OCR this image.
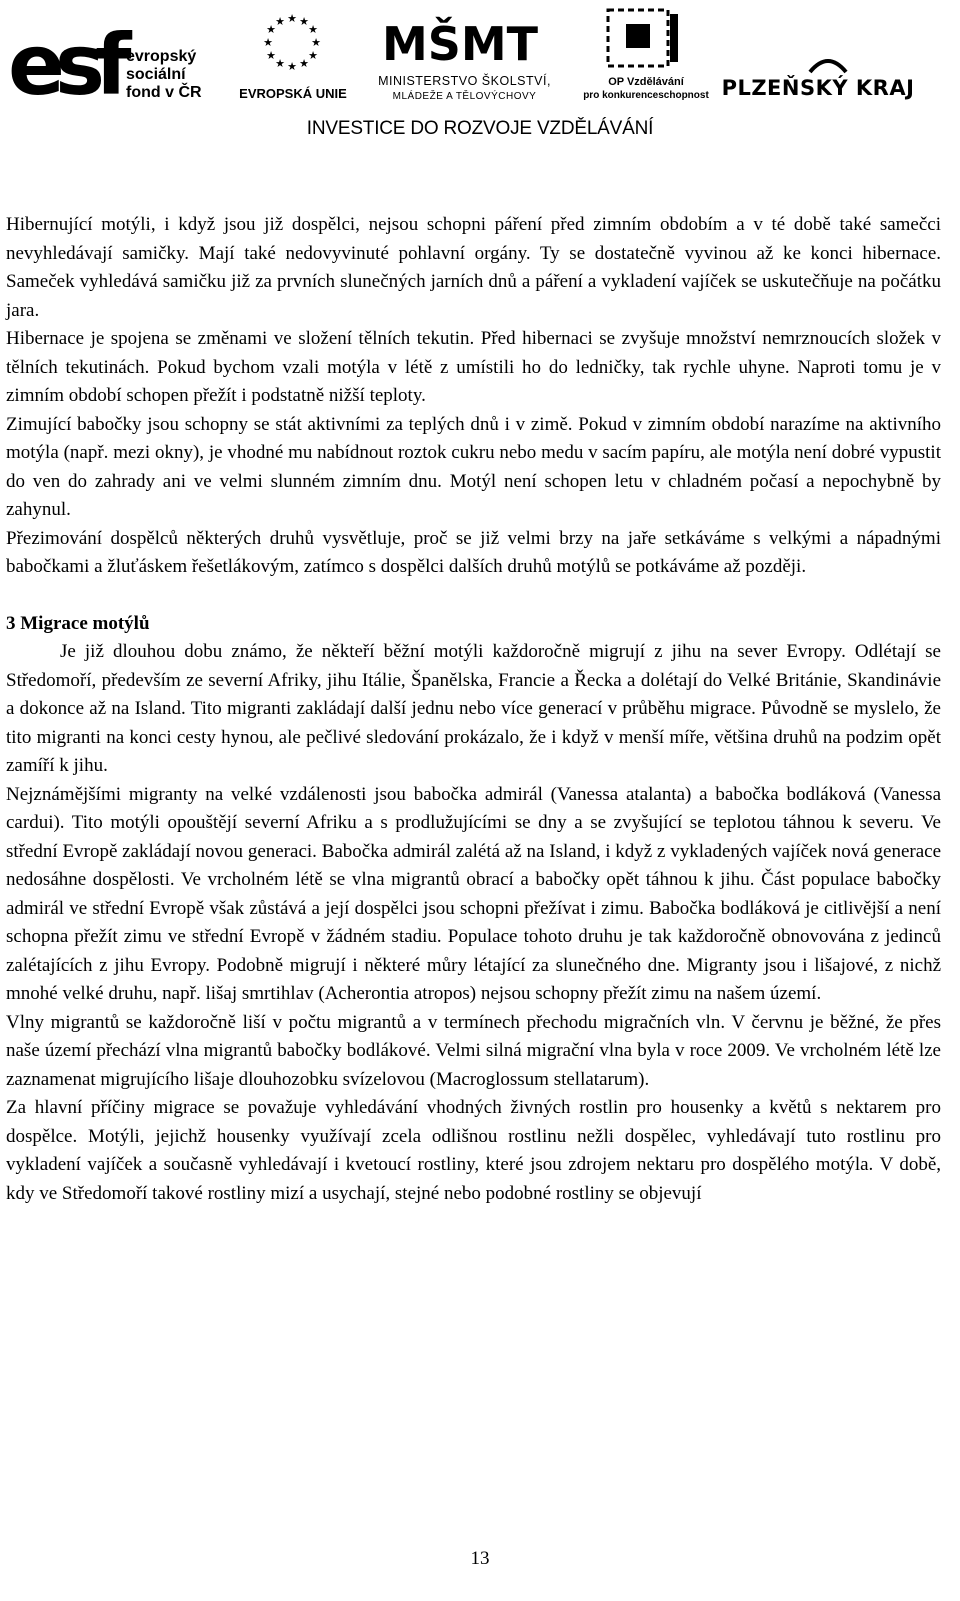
esf evropský
sociální
fond v ČR
★ ★
★
★
★
★
★
★
★
★
★
★
EVROPSKÁ UNIE
MŠMT
MINISTERSTVO ŠKOLSTVÍ,
MLÁDEŽE A TĚLOVÝCHOVY
OP Vzdělávání
pro konkurenceschopnost PLZEŇSKÝ KRAJ
INVESTICE DO ROZVOJE VZDĚLÁVÁNÍ

Hibernující motýli, i když jsou již dospělci, nejsou schopni páření před zimním obdobím a v té době také samečci nevyhledávají samičky. Mají také nedovyvinuté pohlavní orgány. Ty se dostatečně vyvinou až ke konci hibernace. Sameček vyhledává samičku již za prvních slunečných jarních dnů a páření a vykladení vajíček se uskutečňuje na počátku jara.

Hibernace je spojena se změnami ve složení tělních tekutin. Před hibernaci se zvyšuje množství nemrznoucích složek v tělních tekutinách. Pokud bychom vzali motýla v létě z umístili ho do ledničky, tak rychle uhyne. Naproti tomu je v zimním období schopen přežít i podstatně nižší teploty.

Zimující babočky jsou schopny se stát aktivními za teplých dnů i v zimě. Pokud v zimním období narazíme na aktivního motýla (např. mezi okny), je vhodné mu nabídnout roztok cukru nebo medu v sacím papíru, ale motýla není dobré vypustit do ven do zahrady ani ve velmi slunném zimním dnu. Motýl není schopen letu v chladném počasí a nepochybně by zahynul.

Přezimování dospělců některých druhů vysvětluje, proč se již velmi brzy na jaře setkáváme s velkými a nápadnými babočkami a žluťáskem řešetlákovým, zatímco s dospělci dalších druhů motýlů se potkáváme až později.

3 Migrace motýlů

Je již dlouhou dobu známo, že někteří běžní motýli každoročně migrují z jihu na sever Evropy. Odlétají se Středomoří, především ze severní Afriky, jihu Itálie, Španělska, Francie a Řecka a dolétají do Velké Británie, Skandinávie a dokonce až na Island. Tito migranti zakládají další jednu nebo více generací v průběhu migrace. Původně se myslelo, že tito migranti na konci cesty hynou, ale pečlivé sledování prokázalo, že i když v menší míře, většina druhů na podzim opět zamíří k jihu.

Nejznámějšími migranty na velké vzdálenosti jsou babočka admirál (Vanessa atalanta) a babočka bodláková (Vanessa cardui). Tito motýli opouštějí severní Afriku a s prodlužujícími se dny a se zvyšující se teplotou táhnou k severu. Ve střední Evropě zakládají novou generaci. Babočka admirál zalétá až na Island, i když z vykladených vajíček nová generace nedosáhne dospělosti. Ve vrcholném létě se vlna migrantů obrací a babočky opět táhnou k jihu. Část populace babočky admirál ve střední Evropě však zůstává a její dospělci jsou schopni přežívat i zimu. Babočka bodláková je citlivější a není schopna přežít zimu ve střední Evropě v žádném stadiu. Populace tohoto druhu je tak každoročně obnovována z jedinců zalétajících z jihu Evropy. Podobně migrují i některé můry létající za slunečného dne. Migranty jsou i lišajové, z nichž mnohé velké druhu, např. lišaj smrtihlav (Acherontia atropos) nejsou schopny přežít zimu na našem území.

Vlny migrantů se každoročně liší v počtu migrantů a v termínech přechodu migračních vln. V červnu je běžné, že přes naše území přechází vlna migrantů babočky bodlákové. Velmi silná migrační vlna byla v roce 2009. Ve vrcholném létě lze zaznamenat migrujícího lišaje dlouhozobku svízelovou (Macroglossum stellatarum).

Za hlavní příčiny migrace se považuje vyhledávání vhodných živných rostlin pro housenky a květů s nektarem pro dospělce. Motýli, jejichž housenky využívají zcela odlišnou rostlinu nežli dospělec, vyhledávají tuto rostlinu pro vykladení vajíček a současně vyhledávají i kvetoucí rostliny, které jsou zdrojem nektaru pro dospělého motýla. V době, kdy ve Středomoří takové rostliny mizí a usychají, stejné nebo podobné rostliny se objevují

13
